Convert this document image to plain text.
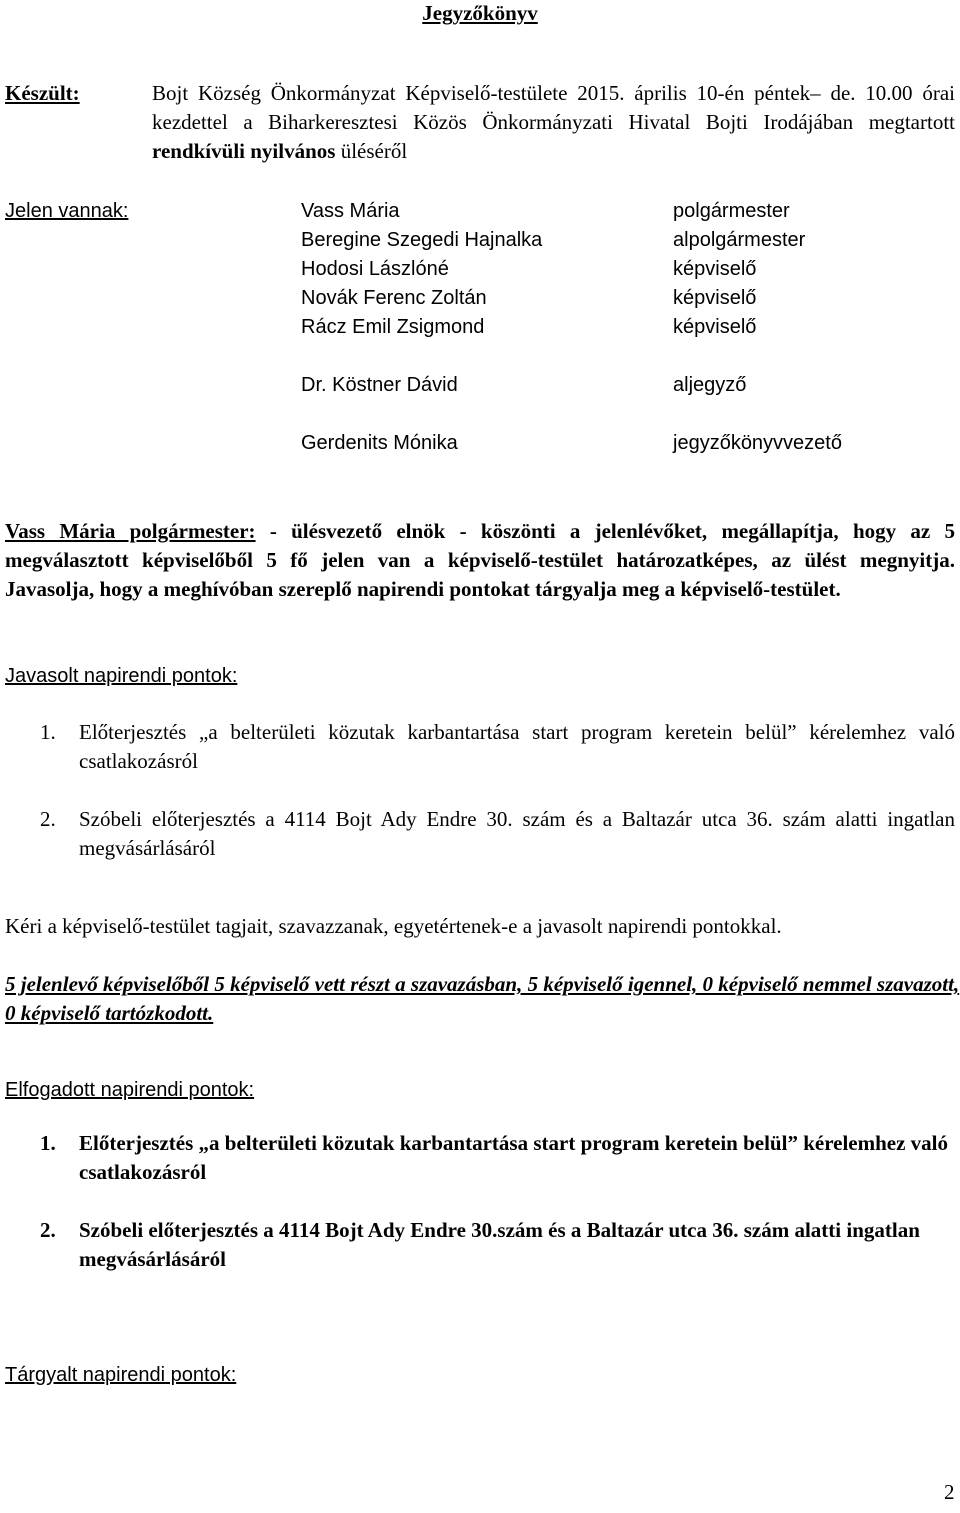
Jegyzőkönyv
Készült:	Bojt Község Önkormányzat Képviselő-testülete 2015. április 10-én péntek– de. 10.00 órai kezdettel a Biharkeresztesi Közös Önkormányzati Hivatal Bojti Irodájában megtartott rendkívüli nyilvános üléséről

Jelen vannak:	Vass Mária	polgármester
Beregine Szegedi Hajnalka	alpolgármester
Hodosi Lászlóné	képviselő
Novák Ferenc Zoltán	képviselő
Rácz Emil Zsigmond	képviselő
Dr. Köstner Dávid	aljegyző
Gerdenits Mónika	jegyzőkönyvvezető

Vass Mária polgármester: - ülésvezető elnök - köszönti a jelenlévőket, megállapítja, hogy az 5 megválasztott képviselőből 5 fő jelen van a képviselő-testület határozatképes, az ülést megnyitja. Javasolja, hogy a meghívóban szereplő napirendi pontokat tárgyalja meg a képviselő-testület.

Javasolt napirendi pontok:
1. Előterjesztés „a belterületi közutak karbantartása start program keretein belül” kérelemhez való csatlakozásról

2. Szóbeli előterjesztés a 4114 Bojt Ady Endre 30. szám és a Baltazár utca 36. szám alatti ingatlan megvásárlásáról

Kéri a képviselő-testület tagjait, szavazzanak, egyetértenek-e a javasolt napirendi pontokkal.

5 jelenlevő képviselőből 5 képviselő vett részt a szavazásban, 5 képviselő igennel, 0 képviselő nemmel szavazott, 0 képviselő tartózkodott.

Elfogadott napirendi pontok:
1. Előterjesztés „a belterületi közutak karbantartása start program keretein belül” kérelemhez való csatlakozásról

2. Szóbeli előterjesztés a 4114 Bojt Ady Endre 30.szám és a Baltazár utca 36. szám alatti ingatlan megvásárlásáról

Tárgyalt napirendi pontok:
2
